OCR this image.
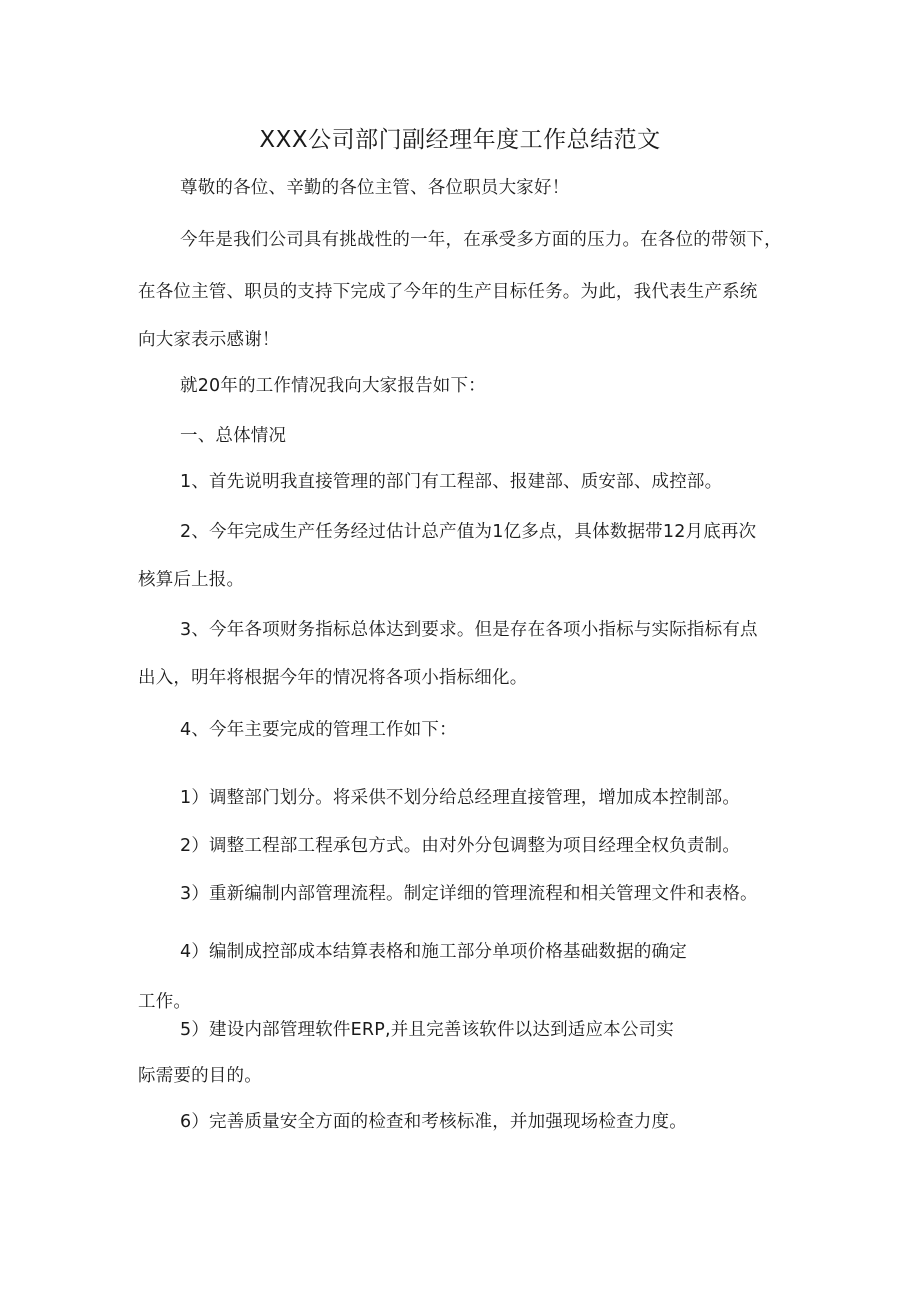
XXX公司部门副经理年度工作总结范文
尊敬的各位、辛勤的各位主管、各位职员大家好！
今年是我们公司具有挑战性的一年，在承受多方面的压力。在各位的带领下，
在各位主管、职员的支持下完成了今年的生产目标任务。为此，我代表生产系统
向大家表示感谢！
就20年的工作情况我向大家报告如下：
一、总体情况
1、首先说明我直接管理的部门有工程部、报建部、质安部、成控部。
2、今年完成生产任务经过估计总产值为1亿多点，具体数据带12月底再次
核算后上报。
3、今年各项财务指标总体达到要求。但是存在各项小指标与实际指标有点
出入，明年将根据今年的情况将各项小指标细化。
4、今年主要完成的管理工作如下：
1）调整部门划分。将采供不划分给总经理直接管理，增加成本控制部。
2）调整工程部工程承包方式。由对外分包调整为项目经理全权负责制。
3）重新编制内部管理流程。制定详细的管理流程和相关管理文件和表格。
4）编制成控部成本结算表格和施工部分单项价格基础数据的确定
工作。
5）建设内部管理软件ERP,并且完善该软件以达到适应本公司实
际需要的目的。
6）完善质量安全方面的检查和考核标准，并加强现场检查力度。
